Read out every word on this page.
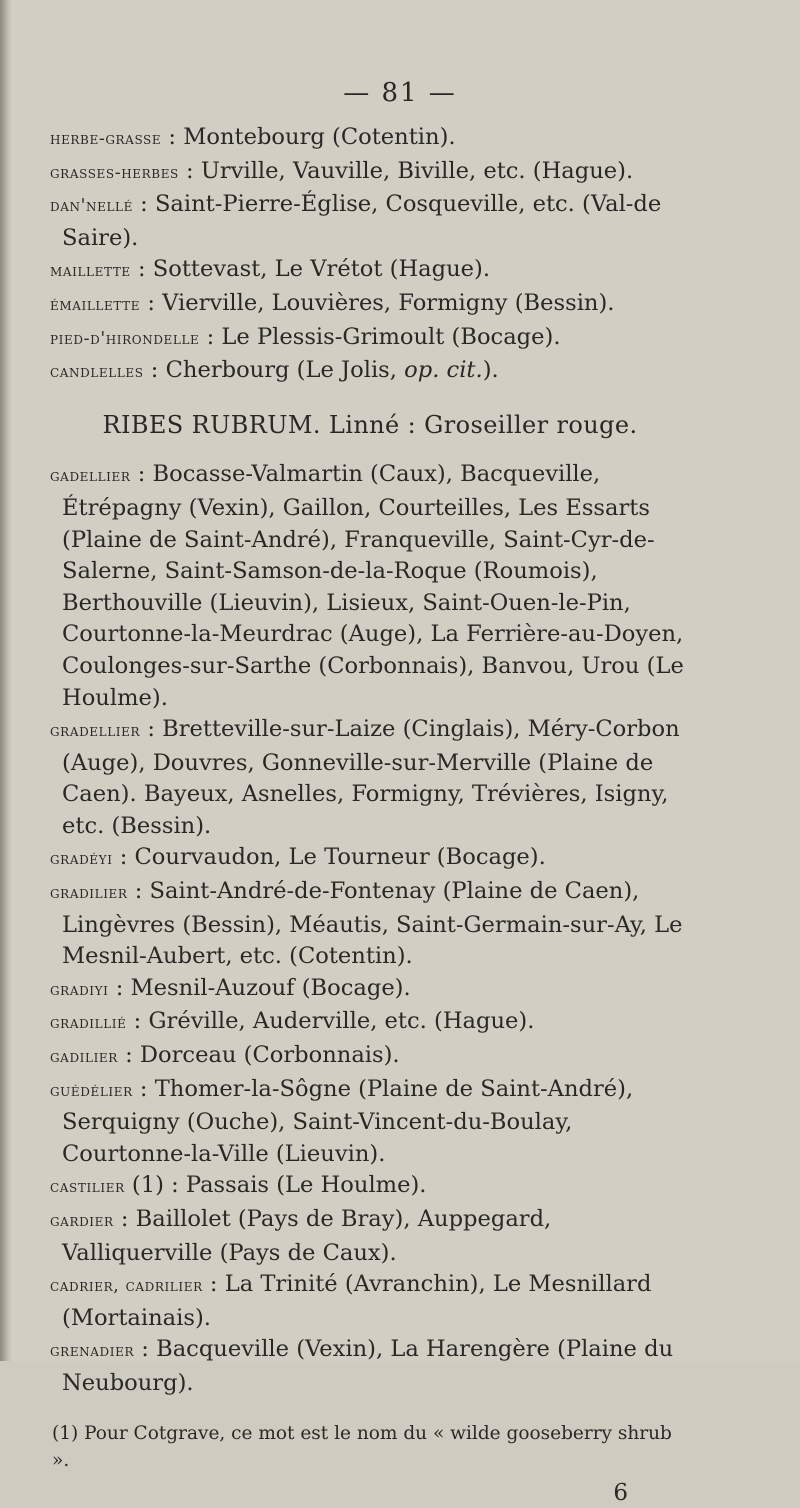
— 81 —

herbe-grasse : Montebourg (Cotentin).

grasses-herbes : Urville, Vauville, Biville, etc. (Hague).

dan'nellé : Saint-Pierre-Église, Cosqueville, etc. (Val-de Saire).

maillette : Sottevast, Le Vrétot (Hague).

émaillette : Vierville, Louvières, Formigny (Bessin).

pied-d'hirondelle : Le Plessis-Grimoult (Bocage).

candlelles : Cherbourg (Le Jolis, op. cit.).

RIBES RUBRUM. Linné : Groseiller rouge.

gadellier : Bocasse-Valmartin (Caux), Bacqueville, Étrépagny (Vexin), Gaillon, Courteilles, Les Essarts (Plaine de Saint-André), Franqueville, Saint-Cyr-de-Salerne, Saint-Samson-de-la-Roque (Roumois), Berthouville (Lieuvin), Lisieux, Saint-Ouen-le-Pin, Courtonne-la-Meurdrac (Auge), La Ferrière-au-Doyen, Coulonges-sur-Sarthe (Corbonnais), Banvou, Urou (Le Houlme).

gradellier : Bretteville-sur-Laize (Cinglais), Méry-Corbon (Auge), Douvres, Gonneville-sur-Merville (Plaine de Caen). Bayeux, Asnelles, Formigny, Trévières, Isigny, etc. (Bessin).

gradéyi : Courvaudon, Le Tourneur (Bocage).

gradilier : Saint-André-de-Fontenay (Plaine de Caen), Lingèvres (Bessin), Méautis, Saint-Germain-sur-Ay, Le Mesnil-Aubert, etc. (Cotentin).

gradiyi : Mesnil-Auzouf (Bocage).

gradillié : Gréville, Auderville, etc. (Hague).

gadilier : Dorceau (Corbonnais).

guédélier : Thomer-la-Sôgne (Plaine de Saint-André), Serquigny (Ouche), Saint-Vincent-du-Boulay, Courtonne-la-Ville (Lieuvin).

castilier (1) : Passais (Le Houlme).

gardier : Baillolet (Pays de Bray), Auppegard, Valliquerville (Pays de Caux).

cadrier, cadrilier : La Trinité (Avranchin), Le Mesnillard (Mortainais).

grenadier : Bacqueville (Vexin), La Harengère (Plaine du Neubourg).

(1) Pour Cotgrave, ce mot est le nom du « wilde gooseberry shrub ».
6
